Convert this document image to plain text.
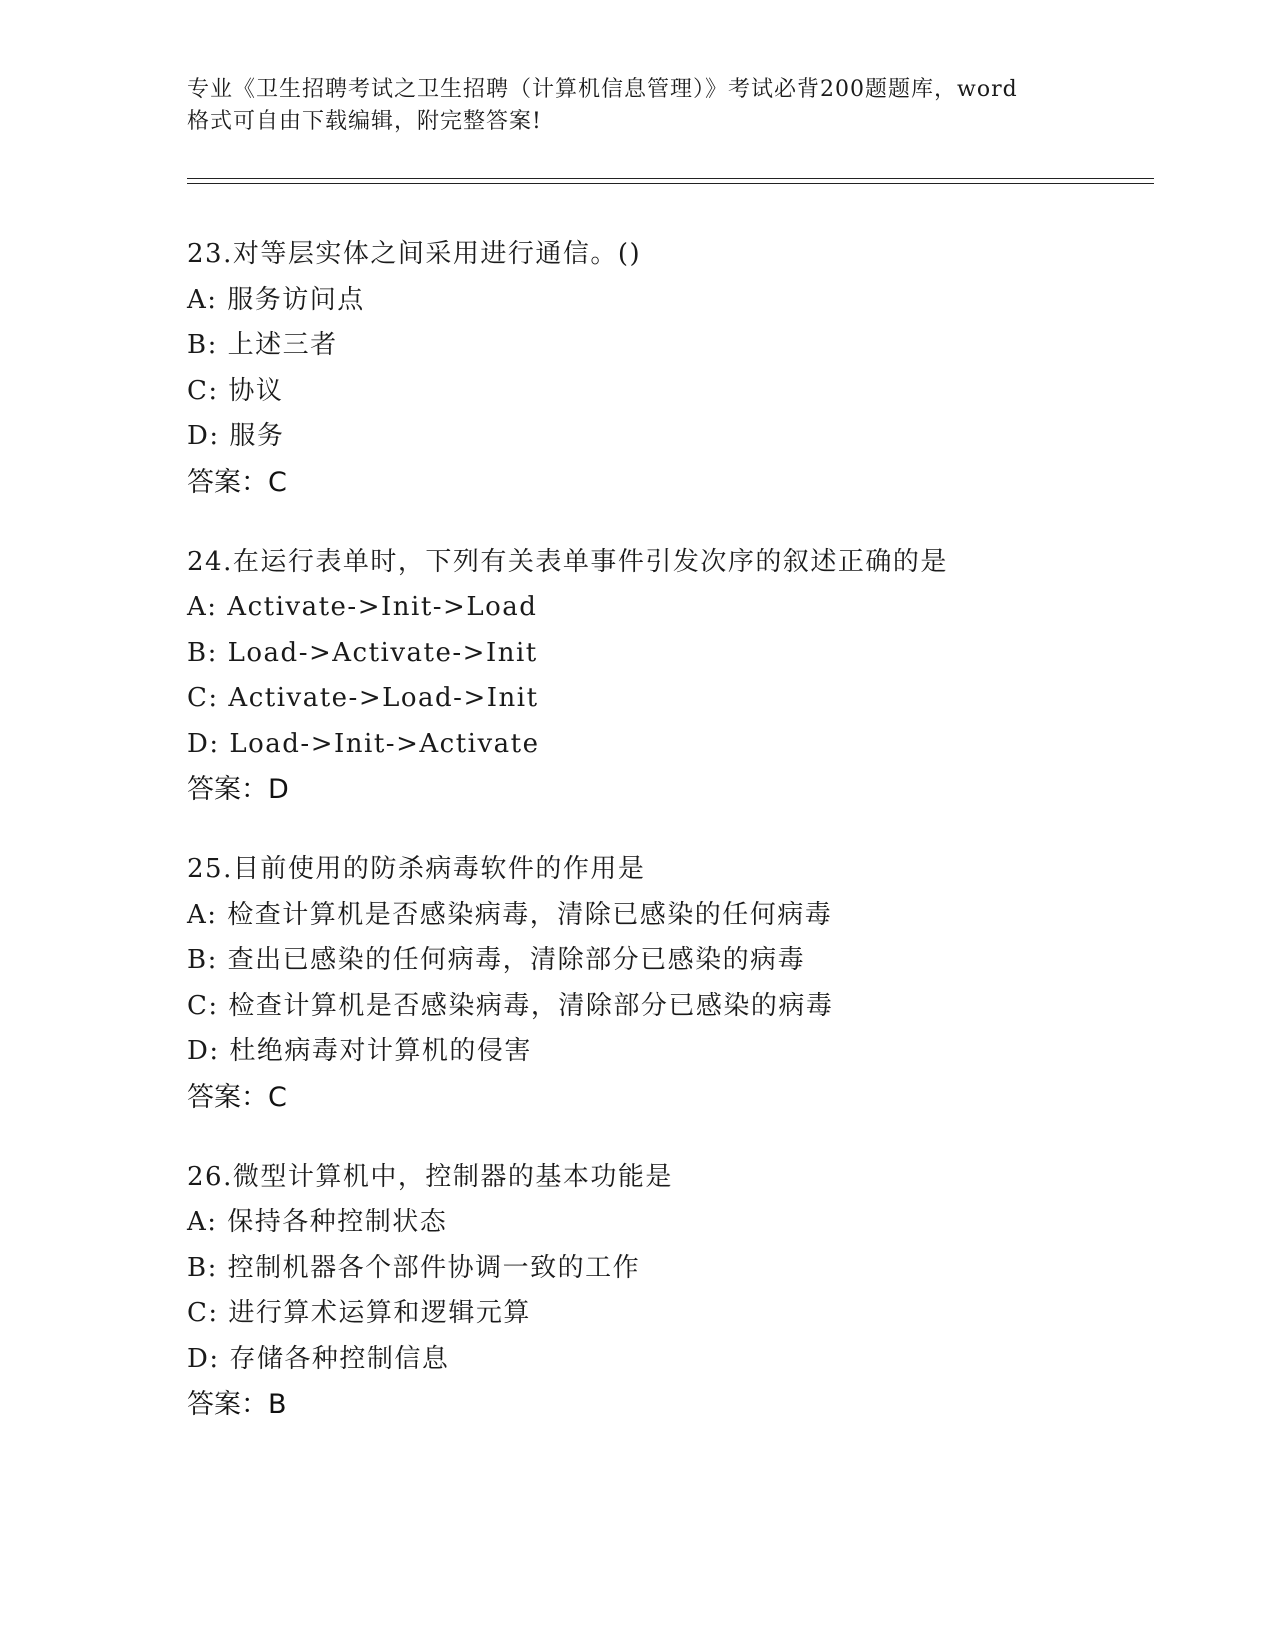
专业《卫生招聘考试之卫生招聘（计算机信息管理）》考试必背200题题库，word
格式可自由下载编辑，附完整答案!
23.对等层实体之间采用进行通信。()
A: 服务访问点
B: 上述三者
C: 协议
D: 服务
答案：C
24.在运行表单时，下列有关表单事件引发次序的叙述正确的是
A: Activate->Init->Load
B: Load->Activate->Init
C: Activate->Load->Init
D: Load->Init->Activate
答案：D
25.目前使用的防杀病毒软件的作用是
A: 检查计算机是否感染病毒，清除已感染的任何病毒
B: 查出已感染的任何病毒，清除部分已感染的病毒
C: 检查计算机是否感染病毒，清除部分已感染的病毒
D: 杜绝病毒对计算机的侵害
答案：C
26.微型计算机中，控制器的基本功能是
A: 保持各种控制状态
B: 控制机器各个部件协调一致的工作
C: 进行算术运算和逻辑元算
D: 存储各种控制信息
答案：B
